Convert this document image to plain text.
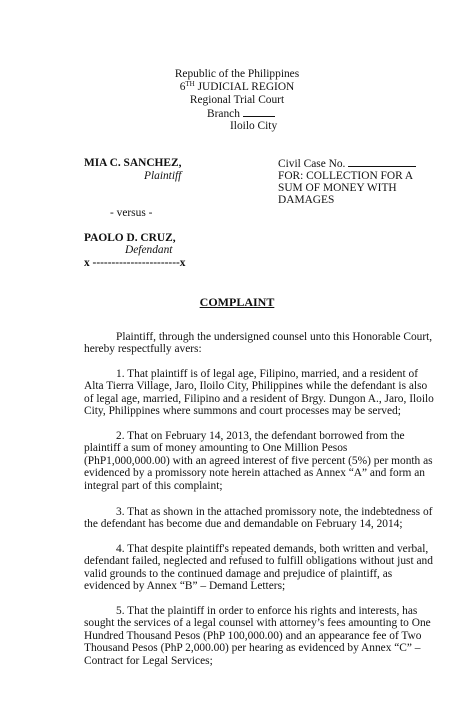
Republic of the Philippines
6TH JUDICIAL REGION
Regional Trial Court
Branch
Iloilo City
MIA C. SANCHEZ,
Plaintiff
- versus -
PAOLO D. CRUZ,
Defendant
x -----------------------x
Civil Case No.
FOR: COLLECTION FOR A
SUM OF MONEY WITH
DAMAGES
COMPLAINT
Plaintiff, through the undersigned counsel unto this Honorable Court,
hereby respectfully avers:
1. That plaintiff is of legal age, Filipino, married, and a resident of
Alta Tierra Village, Jaro, Iloilo City, Philippines while the defendant is also
of legal age, married, Filipino and a resident of Brgy. Dungon A., Jaro, Iloilo
City, Philippines where summons and court processes may be served;
2. That on February 14, 2013, the defendant borrowed from the
plaintiff a sum of money amounting to One Million Pesos
(PhP1,000,000.00) with an agreed interest of five percent (5%) per month as
evidenced by a promissory note herein attached as Annex “A” and form an
integral part of this complaint;
3. That as shown in the attached promissory note, the indebtedness of
the defendant has become due and demandable on February 14, 2014;
4. That despite plaintiff's repeated demands, both written and verbal,
defendant failed, neglected and refused to fulfill obligations without just and
valid grounds to the continued damage and prejudice of plaintiff, as
evidenced by Annex “B” – Demand Letters;
5. That the plaintiff in order to enforce his rights and interests, has
sought the services of a legal counsel with attorney’s fees amounting to One
Hundred Thousand Pesos (PhP 100,000.00) and an appearance fee of Two
Thousand Pesos (PhP 2,000.00) per hearing as evidenced by Annex “C” –
Contract for Legal Services;
